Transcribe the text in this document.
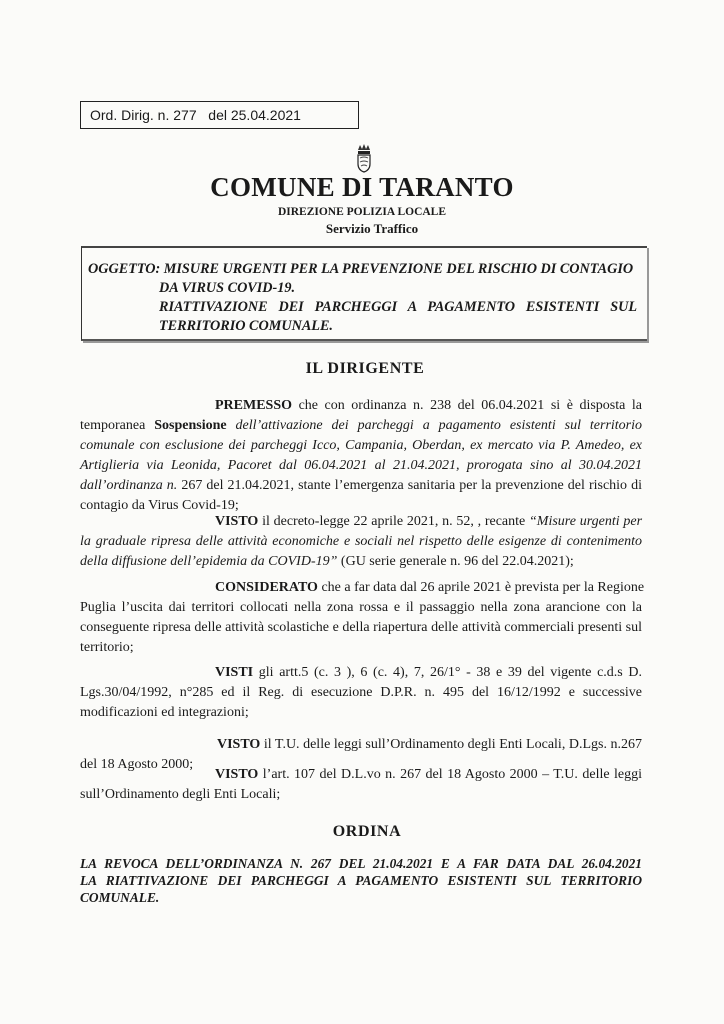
Ord. Dirig. n. 277 del 25.04.2021
COMUNE DI TARANTO
DIREZIONE POLIZIA LOCALE
Servizio Traffico
OGGETTO: MISURE URGENTI PER LA PREVENZIONE DEL RISCHIO DI CONTAGIO
DA VIRUS COVID-19.
RIATTIVAZIONE DEI PARCHEGGI A PAGAMENTO ESISTENTI SUL
TERRITORIO COMUNALE.
IL DIRIGENTE
PREMESSO che con ordinanza n. 238 del 06.04.2021 si è disposta la
temporanea Sospensione dell’attivazione dei parcheggi a pagamento esistenti sul territorio
comunale con esclusione dei parcheggi Icco, Campania, Oberdan, ex mercato via P. Amedeo, ex
Artiglieria via Leonida, Pacoret dal 06.04.2021 al 21.04.2021, prorogata sino al 30.04.2021
dall’ordinanza n. 267 del 21.04.2021, stante l’emergenza sanitaria per la prevenzione del rischio di
contagio da Virus Covid-19;
VISTO il decreto-legge 22 aprile 2021, n. 52, , recante “Misure urgenti per
la graduale ripresa delle attività economiche e sociali nel rispetto delle esigenze di contenimento
della diffusione dell’epidemia da COVID-19” (GU serie generale n. 96 del 22.04.2021);
CONSIDERATO che a far data dal 26 aprile 2021 è prevista per la Regione
Puglia l’uscita dai territori collocati nella zona rossa e il passaggio nella zona arancione con la
conseguente ripresa delle attività scolastiche e della riapertura delle attività commerciali presenti sul
territorio;
VISTI gli artt.5 (c. 3 ), 6 (c. 4), 7, 26/1° - 38 e 39 del vigente c.d.s D.
Lgs.30/04/1992, n°285 ed il Reg. di esecuzione D.P.R. n. 495 del 16/12/1992 e successive
modificazioni ed integrazioni;
VISTO il T.U. delle leggi sull’Ordinamento degli Enti Locali, D.Lgs. n.267
del 18 Agosto 2000;
VISTO l’art. 107 del D.L.vo n. 267 del 18 Agosto 2000 – T.U. delle leggi
sull’Ordinamento degli Enti Locali;
ORDINA
LA REVOCA DELL’ORDINANZA N. 267 DEL 21.04.2021 E A FAR DATA DAL 26.04.2021
LA RIATTIVAZIONE DEI PARCHEGGI A PAGAMENTO ESISTENTI SUL TERRITORIO
COMUNALE.
